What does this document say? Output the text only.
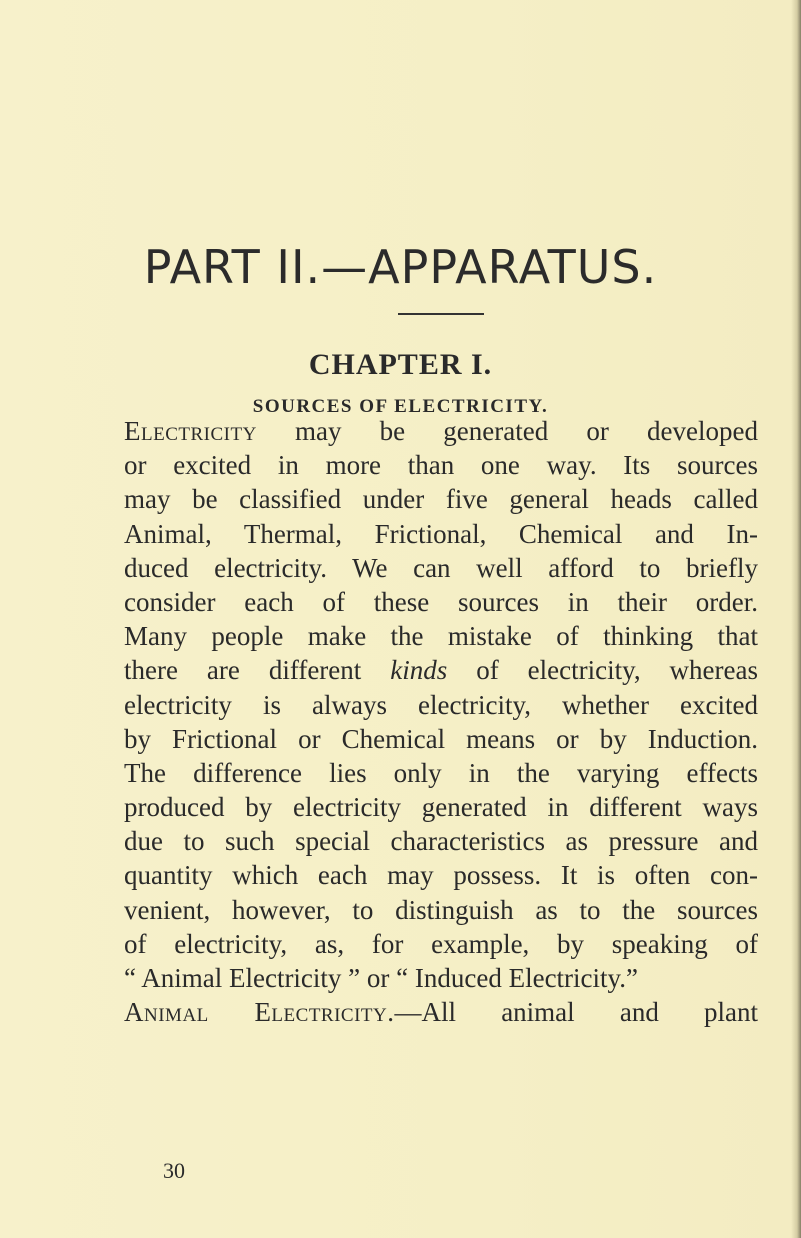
PART II.—APPARATUS.
CHAPTER I.
SOURCES OF ELECTRICITY.
Electricity may be generated or developed
or excited in more than one way. Its sources
may be classified under five general heads called
Animal, Thermal, Frictional, Chemical and In-
duced electricity. We can well afford to briefly
consider each of these sources in their order.
Many people make the mistake of thinking that
there are different kinds of electricity, whereas
electricity is always electricity, whether excited
by Frictional or Chemical means or by Induction.
The difference lies only in the varying effects
produced by electricity generated in different ways
due to such special characteristics as pressure and
quantity which each may possess. It is often con-
venient, however, to distinguish as to the sources
of electricity, as, for example, by speaking of
“ Animal Electricity ” or “ Induced Electricity.”
Animal Electricity.—All animal and plant

30
